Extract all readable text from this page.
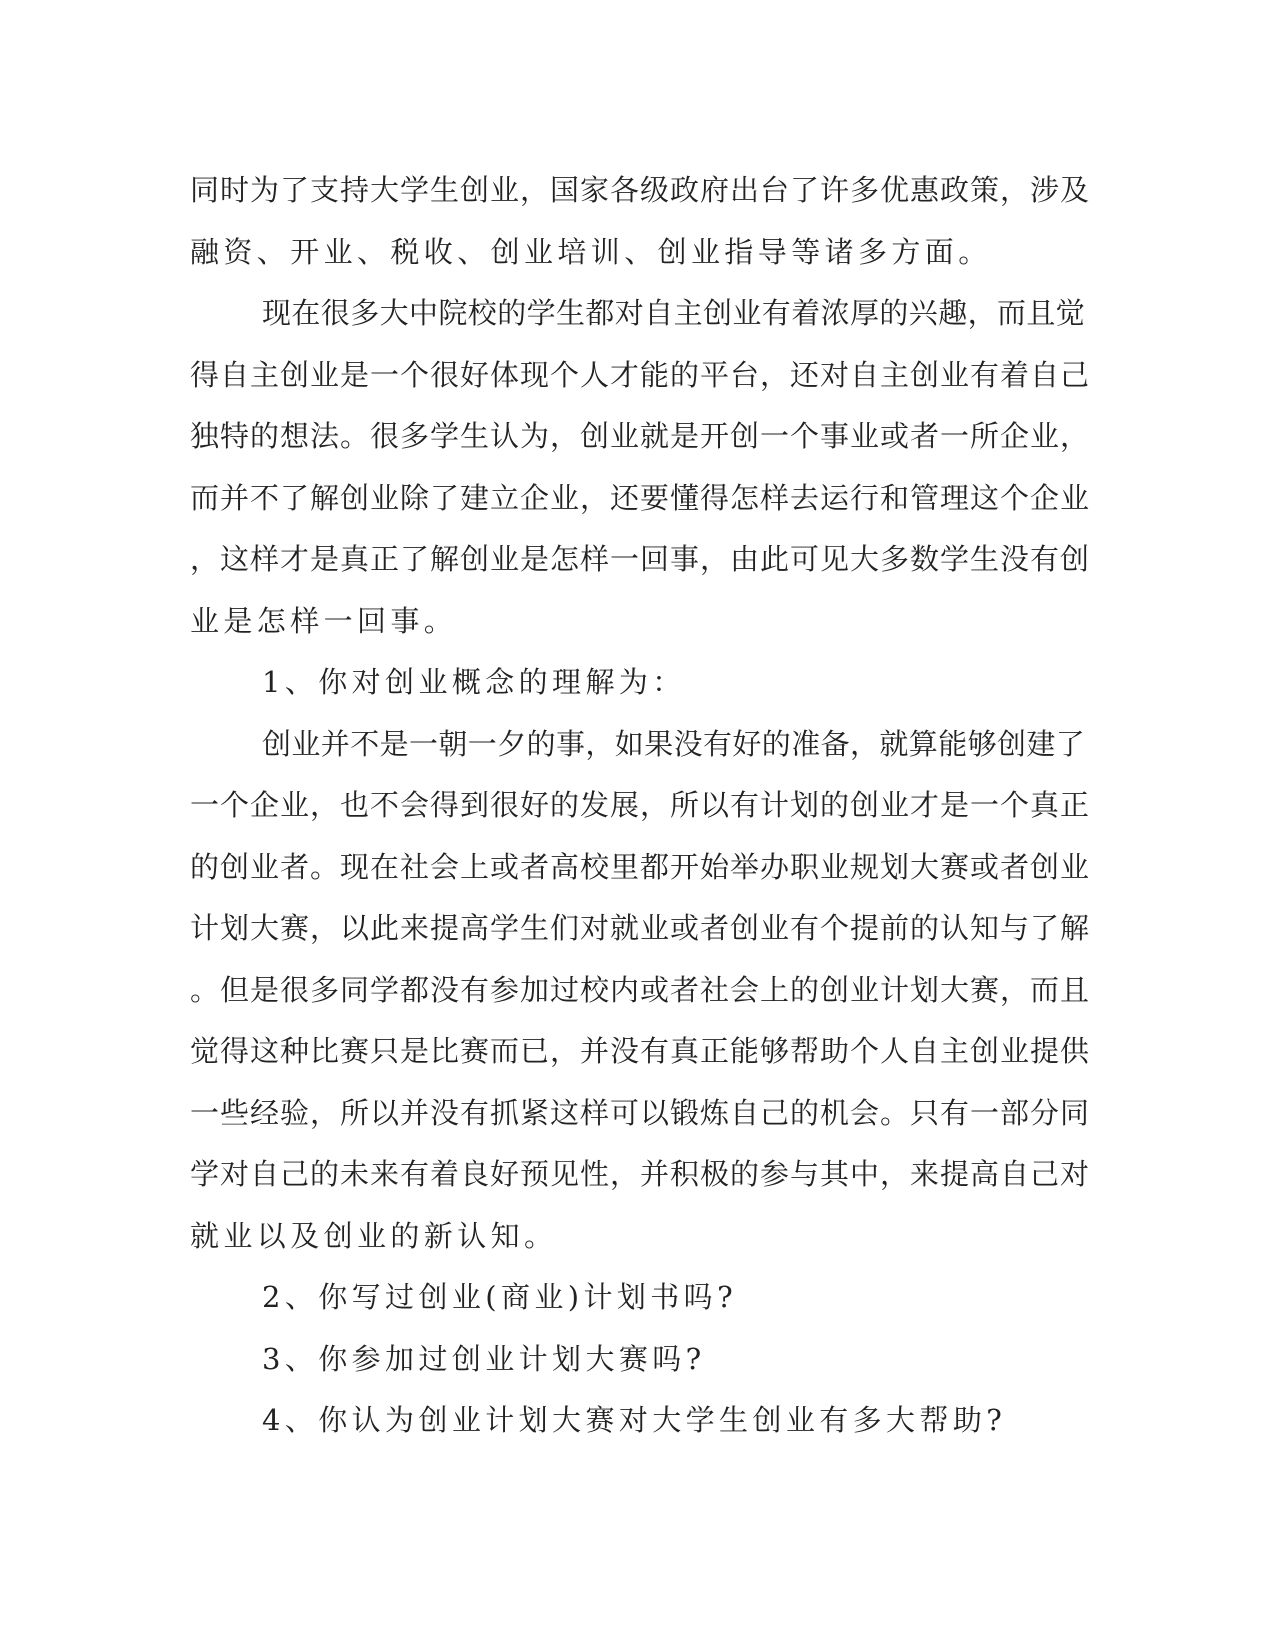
同时为了支持大学生创业，国家各级政府出台了许多优惠政策，涉及
融资、开业、税收、创业培训、创业指导等诸多方面。
现在很多大中院校的学生都对自主创业有着浓厚的兴趣，而且觉
得自主创业是一个很好体现个人才能的平台，还对自主创业有着自己
独特的想法。很多学生认为，创业就是开创一个事业或者一所企业，
而并不了解创业除了建立企业，还要懂得怎样去运行和管理这个企业
，这样才是真正了解创业是怎样一回事，由此可见大多数学生没有创
业是怎样一回事。
1、你对创业概念的理解为：
创业并不是一朝一夕的事，如果没有好的准备，就算能够创建了
一个企业，也不会得到很好的发展，所以有计划的创业才是一个真正
的创业者。现在社会上或者高校里都开始举办职业规划大赛或者创业
计划大赛，以此来提高学生们对就业或者创业有个提前的认知与了解
。但是很多同学都没有参加过校内或者社会上的创业计划大赛，而且
觉得这种比赛只是比赛而已，并没有真正能够帮助个人自主创业提供
一些经验，所以并没有抓紧这样可以锻炼自己的机会。只有一部分同
学对自己的未来有着良好预见性，并积极的参与其中，来提高自己对
就业以及创业的新认知。
2、你写过创业(商业)计划书吗?
3、你参加过创业计划大赛吗?
4、你认为创业计划大赛对大学生创业有多大帮助?
